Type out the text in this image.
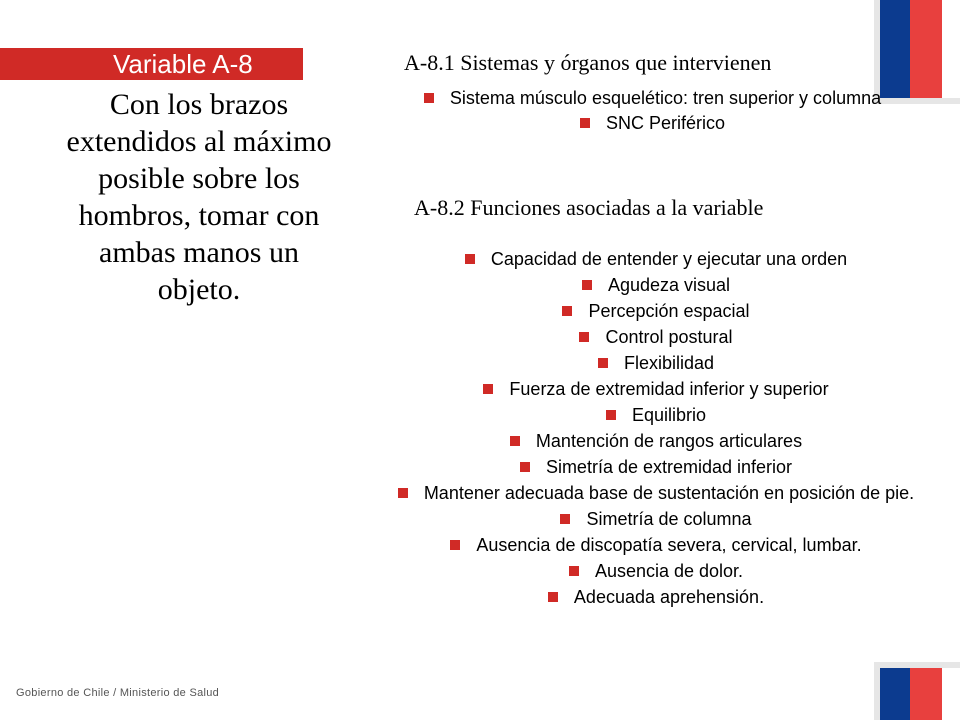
Variable A-8
Con los brazos extendidos al máximo posible sobre los hombros, tomar con ambas manos un objeto.
A-8.1 Sistemas y órganos que intervienen
Sistema músculo esquelético: tren superior y columna
SNC Periférico
A-8.2 Funciones asociadas a la variable
Capacidad de entender y ejecutar una orden
Agudeza visual
Percepción espacial
Control postural
Flexibilidad
Fuerza de extremidad inferior y superior
Equilibrio
Mantención de rangos articulares
Simetría de extremidad inferior
Mantener adecuada base de sustentación en posición de pie.
Simetría de columna
Ausencia de discopatía severa, cervical, lumbar.
Ausencia de dolor.
Adecuada aprehensión.
Gobierno de Chile / Ministerio de Salud
